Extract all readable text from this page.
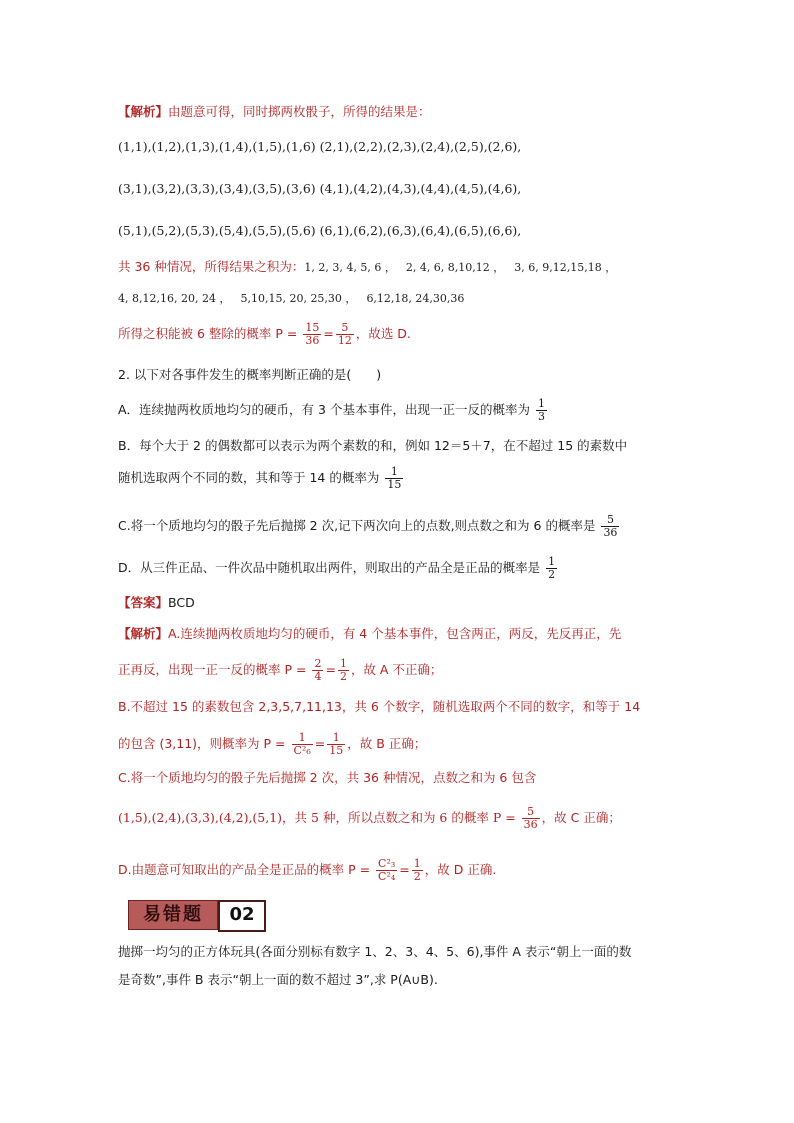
【解析】由题意可得，同时掷两枚骰子，所得的结果是：
(1,1),(1,2),(1,3),(1,4),(1,5),(1,6) (2,1),(2,2),(2,3),(2,4),(2,5),(2,6),
(3,1),(3,2),(3,3),(3,4),(3,5),(3,6) (4,1),(4,2),(4,3),(4,4),(4,5),(4,6),
(5,1),(5,2),(5,3),(5,4),(5,5),(5,6) (6,1),(6,2),(6,3),(6,4),(6,5),(6,6),
共 36 种情况，所得结果之积为：1, 2, 3, 4, 5, 6 ， 2, 4, 6, 8,10,12 ， 3, 6, 9,12,15,18 ，
4, 8,12,16, 20, 24 ， 5,10,15, 20, 25,30 ， 6,12,18, 24,30,36
所得之积能被 6 整除的概率 $P = \frac{15}{36} = \frac{5}{12}$ ，故选 D.
2. 以下对各事件发生的概率判断正确的是(　　)
A．连续抛两枚质地均匀的硬币，有 3 个基本事件，出现一正一反的概率为 $\frac{1}{3}$
B．每个大于 2 的偶数都可以表示为两个素数的和，例如 12＝5＋7，在不超过 15 的素数中
随机选取两个不同的数，其和等于 14 的概率为 $\frac{1}{15}$
C.将一个质地均匀的骰子先后抛掷 2 次,记下两次向上的点数,则点数之和为 6 的概率是 $\frac{5}{36}$
D．从三件正品、一件次品中随机取出两件，则取出的产品全是正品的概率是 $\frac{1}{2}$
【答案】BCD
【解析】A.连续抛两枚质地均匀的硬币，有 4 个基本事件，包含两正，两反，先反再正，先
正再反，出现一正一反的概率 $P = \frac{2}{4} = \frac{1}{2}$ ，故 A 不正确；
B.不超过 15 的素数包含 2,3,5,7,11,13，共 6 个数字，随机选取两个不同的数字，和等于 14
的包含 (3,11)，则概率为 $P = \frac{1}{\text{C²₆}} = \frac{1}{15}$ ，故 B 正确；
C.将一个质地均匀的骰子先后抛掷 2 次，共 36 种情况，点数之和为 6 包含
(1,5),(2,4),(3,3),(4,2),(5,1)，共 5 种，所以点数之和为 6 的概率 $P = \frac{5}{36}$ ，故 C 正确；
D.由题意可知取出的产品全是正品的概率 $P = \frac{\text{C²₃}}{\text{C²₄}} = \frac{1}{2}$ ，故 D 正确.
易错题	02
抛掷一均匀的正方体玩具(各面分别标有数字 1、2、3、4、5、6),事件 A 表示“朝上一面的数
是奇数”,事件 B 表示“朝上一面的数不超过 3”,求 P(A∪B).
